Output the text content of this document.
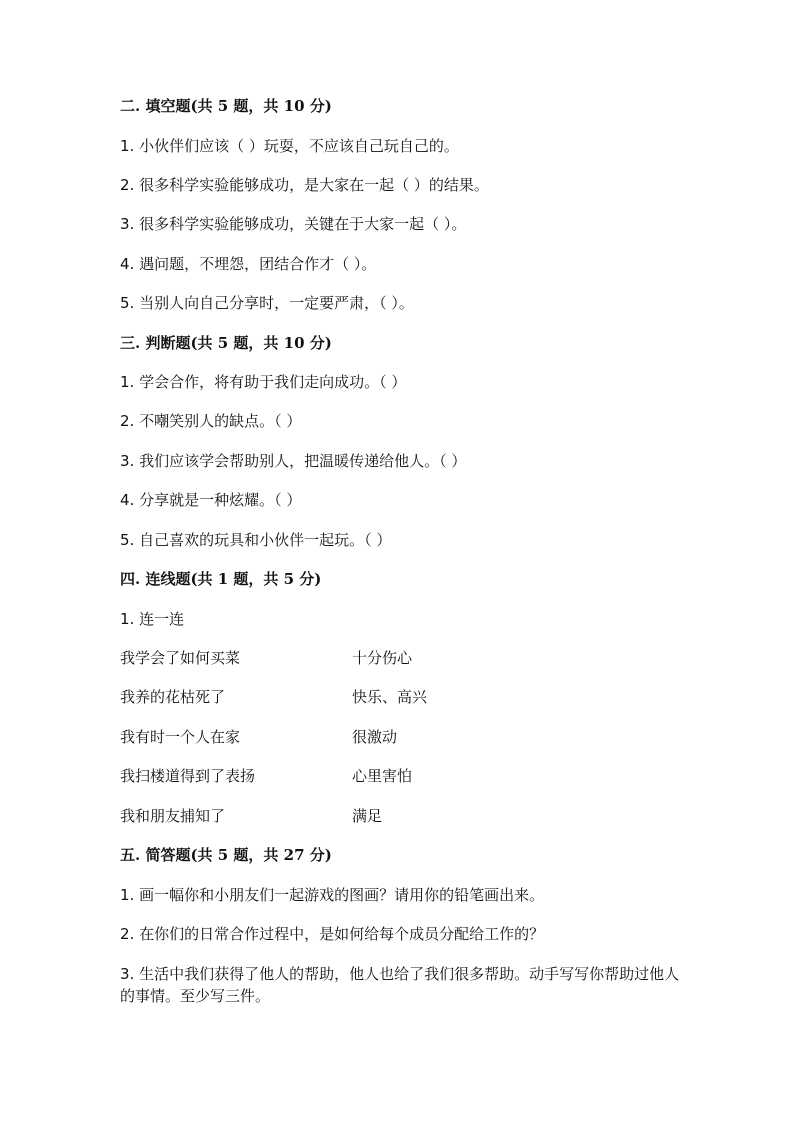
二. 填空题(共 5 题，共 10 分)
1. 小伙伴们应该（ ）玩耍，不应该自己玩自己的。
2. 很多科学实验能够成功，是大家在一起（ ）的结果。
3. 很多科学实验能够成功，关键在于大家一起（ ）。
4. 遇问题，不埋怨，团结合作才（ ）。
5. 当别人向自己分享时，一定要严肃，（ ）。
三. 判断题(共 5 题，共 10 分)
1. 学会合作，将有助于我们走向成功。（ ）
2. 不嘲笑别人的缺点。（ ）
3. 我们应该学会帮助别人，把温暖传递给他人。（ ）
4. 分享就是一种炫耀。（ ）
5. 自己喜欢的玩具和小伙伴一起玩。（ ）
四. 连线题(共 1 题，共 5 分)
1. 连一连
我学会了如何买菜	十分伤心
我养的花枯死了	快乐、高兴
我有时一个人在家	很激动
我扫楼道得到了表扬	心里害怕
我和朋友捕知了	满足
五. 简答题(共 5 题，共 27 分)
1. 画一幅你和小朋友们一起游戏的图画？请用你的铅笔画出来。
2. 在你们的日常合作过程中，是如何给每个成员分配给工作的？
3. 生活中我们获得了他人的帮助，他人也给了我们很多帮助。动手写写你帮助过他人的事情。至少写三件。
